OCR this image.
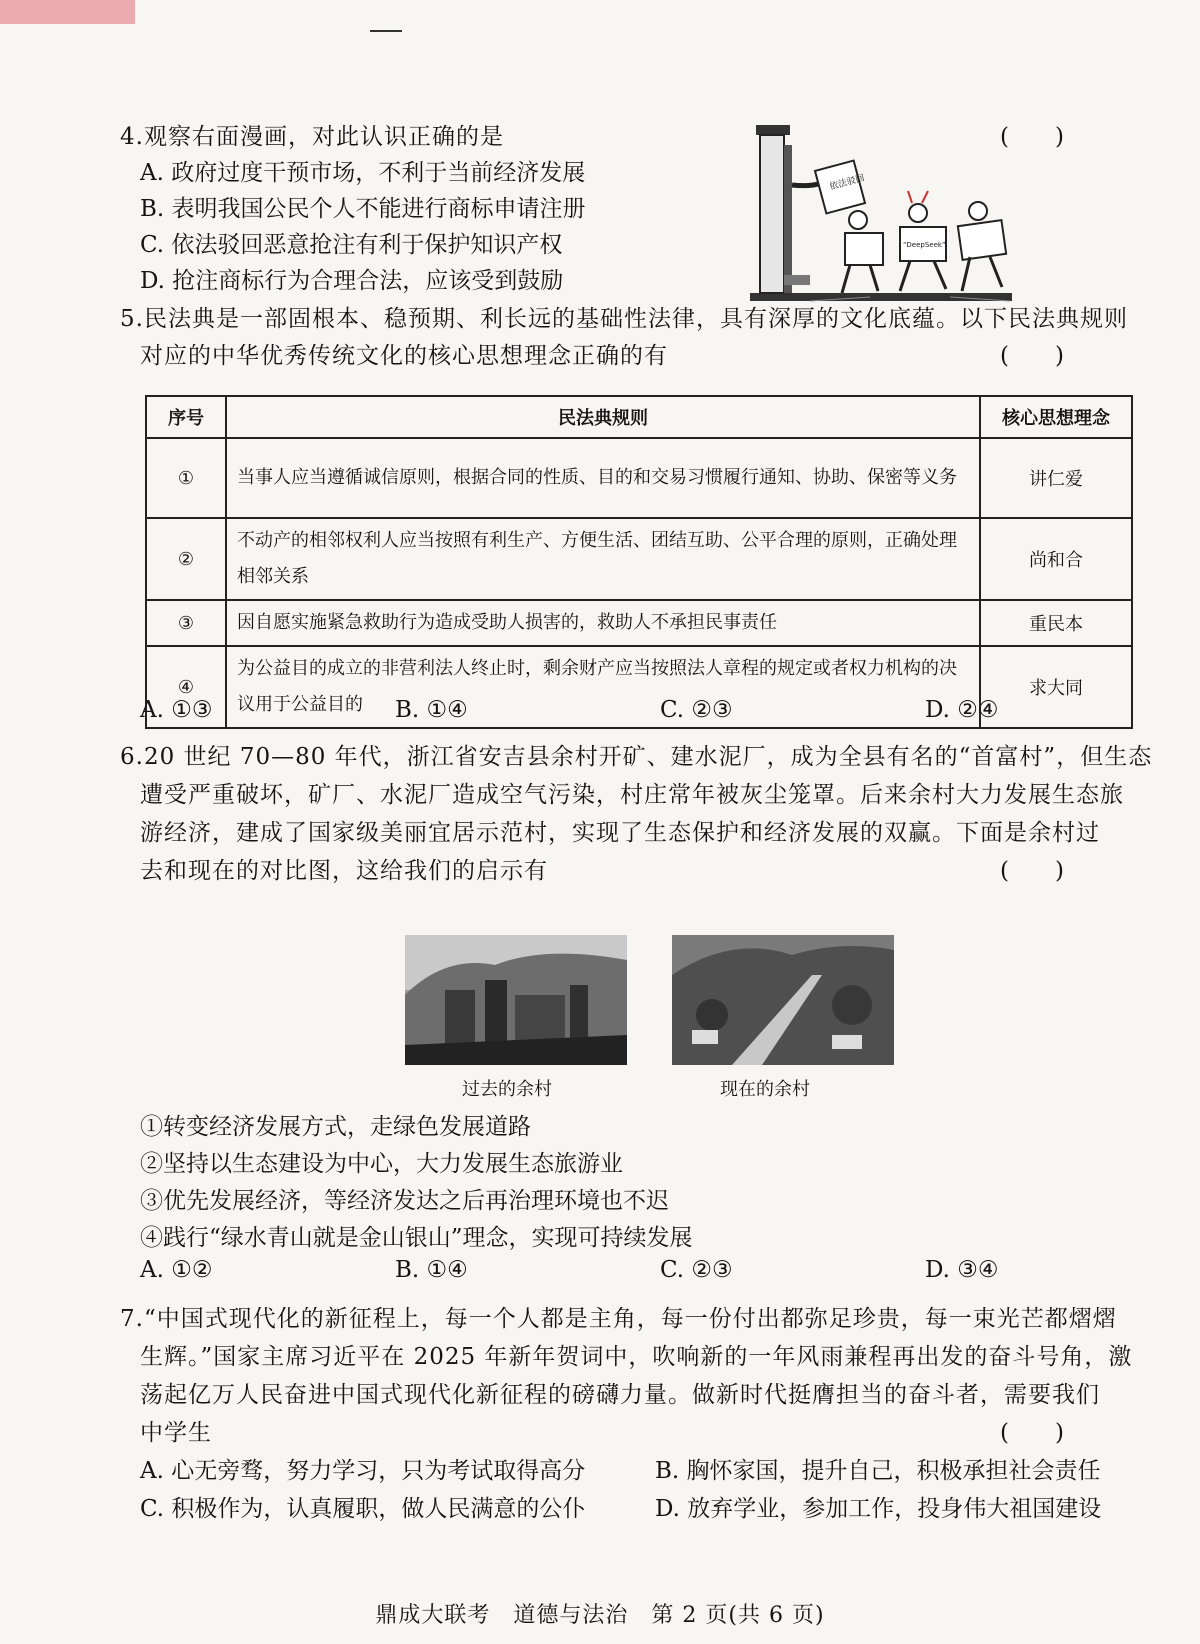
4.观察右面漫画，对此认识正确的是	(　　)
A. 政府过度干预市场，不利于当前经济发展
B. 表明我国公民个人不能进行商标申请注册
C. 依法驳回恶意抢注有利于保护知识产权
D. 抢注商标行为合理合法，应该受到鼓励
依法驳回
“DeepSeek”
5.民法典是一部固根本、稳预期、利长远的基础性法律，具有深厚的文化底蕴。以下民法典规则
对应的中华优秀传统文化的核心思想理念正确的有	(　　)
序号	民法典规则	核心思想理念
①	当事人应当遵循诚信原则，根据合同的性质、目的和交易习惯履行通知、协助、保密等义务	讲仁爱
②	不动产的相邻权利人应当按照有利生产、方便生活、团结互助、公平合理的原则，正确处理相邻关系	尚和合
③	因自愿实施紧急救助行为造成受助人损害的，救助人不承担民事责任	重民本
④	为公益目的成立的非营利法人终止时，剩余财产应当按照法人章程的规定或者权力机构的决议用于公益目的	求大同
A. ①③	B. ①④	C. ②③	D. ②④
6.20 世纪 70—80 年代，浙江省安吉县余村开矿、建水泥厂，成为全县有名的“首富村”，但生态
遭受严重破坏，矿厂、水泥厂造成空气污染，村庄常年被灰尘笼罩。后来余村大力发展生态旅
游经济，建成了国家级美丽宜居示范村，实现了生态保护和经济发展的双赢。下面是余村过
去和现在的对比图，这给我们的启示有	(　　)
过去的余村	现在的余村
①转变经济发展方式，走绿色发展道路
②坚持以生态建设为中心，大力发展生态旅游业
③优先发展经济，等经济发达之后再治理环境也不迟
④践行“绿水青山就是金山银山”理念，实现可持续发展
A. ①②	B. ①④	C. ②③	D. ③④
7.“中国式现代化的新征程上，每一个人都是主角，每一份付出都弥足珍贵，每一束光芒都熠熠
生辉。”国家主席习近平在 2025 年新年贺词中，吹响新的一年风雨兼程再出发的奋斗号角，激
荡起亿万人民奋进中国式现代化新征程的磅礴力量。做新时代挺膺担当的奋斗者，需要我们
中学生	(　　)
A. 心无旁骛，努力学习，只为考试取得高分	B. 胸怀家国，提升自己，积极承担社会责任
C. 积极作为，认真履职，做人民满意的公仆	D. 放弃学业，参加工作，投身伟大祖国建设
鼎成大联考　道德与法治　第 2 页(共 6 页)
